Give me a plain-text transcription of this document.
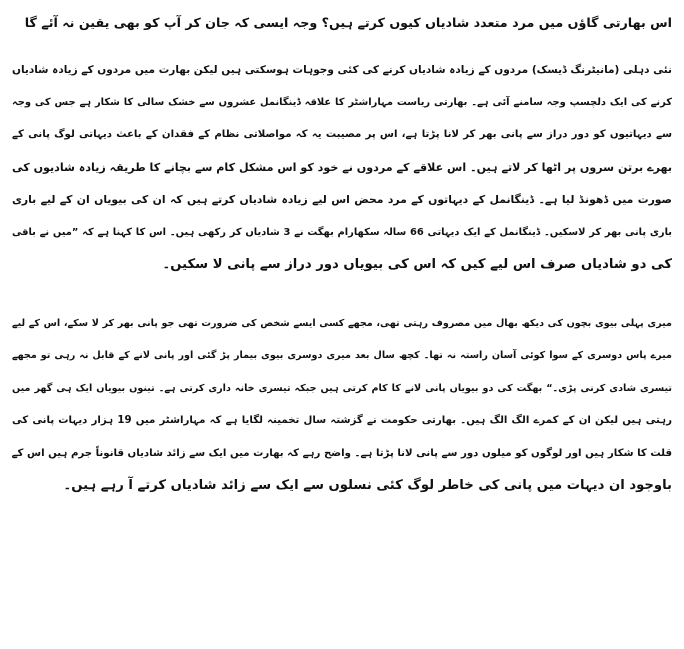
اس بھارتی گاؤں میں مرد متعدد شادیاں کیوں کرتے ہیں؟ وجہ ایسی کہ جان کر آپ کو بھی یقین نہ آئے گا
نئی دہلی (مانیٹرنگ ڈیسک) مردوں کے زیادہ شادیاں کرنے کی کئی وجوہات ہوسکتی ہیں لیکن بھارت میں مردوں کے زیادہ شادیاں
کرنے کی ایک دلچسپ وجہ سامنے آئی ہے۔ بھارتی ریاست مہاراشٹر کا علاقہ ڈینگانمل عشروں سے خشک سالی کا شکار ہے جس کی وجہ
سے دیہاتیوں کو دور دراز سے پانی بھر کر لانا پڑتا ہے، اس پر مصیبت یہ کہ مواصلاتی نظام کے فقدان کے باعث دیہاتی لوگ پانی کے
بھرے برتن سروں پر اٹھا کر لاتے ہیں۔ اس علاقے کے مردوں نے خود کو اس مشکل کام سے بچانے کا طریقہ زیادہ شادیوں کی
صورت میں ڈھونڈ لیا ہے۔ ڈینگانمل کے دیہاتوں کے مرد محض اس لیے زیادہ شادیاں کرتے ہیں کہ ان کی بیویاں ان کے لیے باری
باری پانی بھر کر لاسکیں۔ ڈینگانمل کے ایک دیہاتی 66 سالہ سکھارام بھگت نے 3 شادیاں کر رکھی ہیں۔ اس کا کہنا ہے کہ ”میں نے باقی
کی دو شادیاں صرف اس لیے کیں کہ اس کی بیویاں دور دراز سے پانی لا سکیں۔
میری پہلی بیوی بچوں کی دیکھ بھال میں مصروف رہتی تھی، مجھے کسی ایسے شخص کی ضرورت تھی جو پانی بھر کر لا سکے، اس کے لیے
میرے پاس دوسری کے سوا کوئی آسان راستہ نہ تھا۔ کچھ سال بعد میری دوسری بیوی بیمار پڑ گئی اور پانی لانے کے قابل نہ رہی تو مجھے
تیسری شادی کرنی پڑی۔“ بھگت کی دو بیویاں پانی لانے کا کام کرتی ہیں جبکہ تیسری خانہ داری کرتی ہے۔ تینوں بیویاں ایک ہی گھر میں
رہتی ہیں لیکن ان کے کمرے الگ الگ ہیں۔ بھارتی حکومت نے گزشتہ سال تخمینہ لگایا ہے کہ مہاراشٹر میں 19 ہزار دیہات پانی کی
قلت کا شکار ہیں اور لوگوں کو میلوں دور سے پانی لانا پڑتا ہے۔ واضح رہے کہ بھارت میں ایک سے زائد شادیاں قانوناً جرم ہیں اس کے
باوجود ان دیہات میں پانی کی خاطر لوگ کئی نسلوں سے ایک سے زائد شادیاں کرتے آ رہے ہیں۔
